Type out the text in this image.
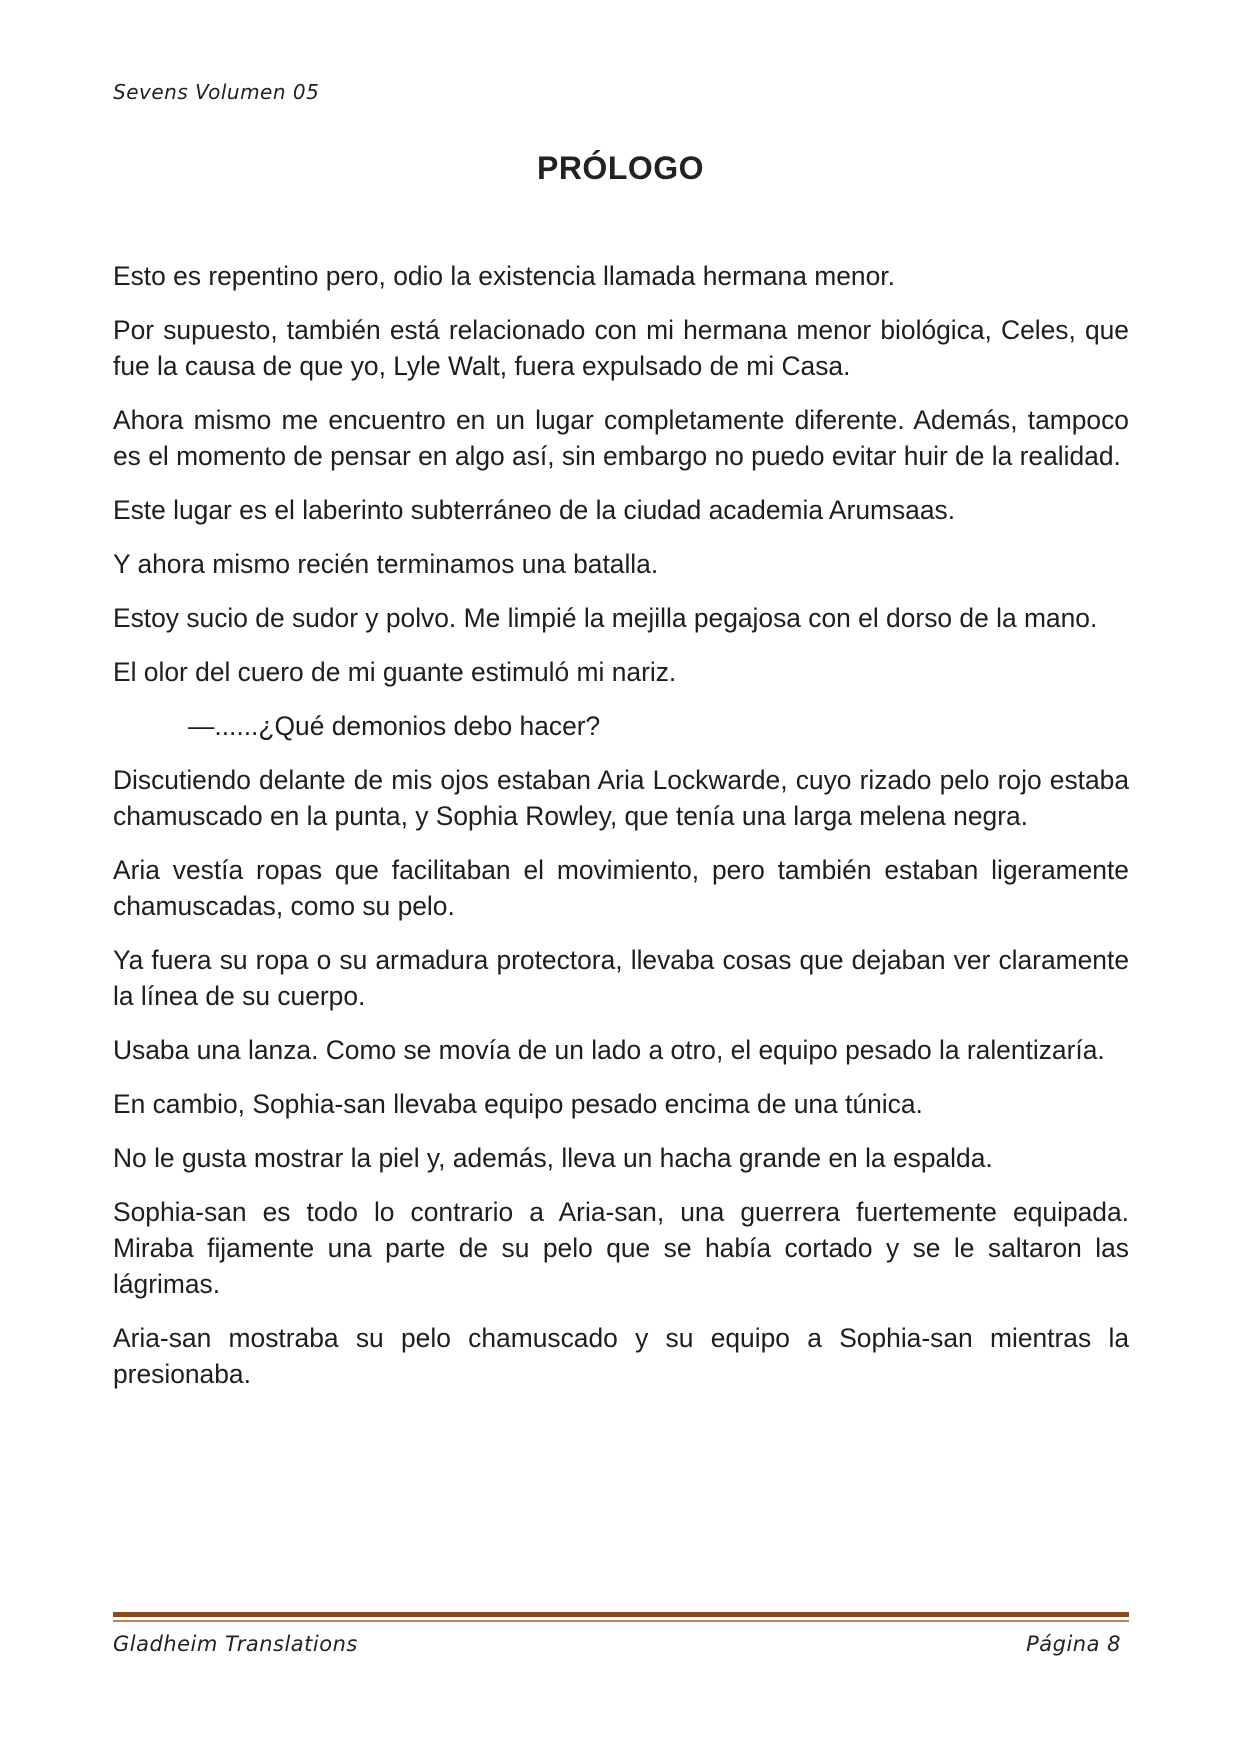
Sevens Volumen 05
PRÓLOGO

Esto es repentino pero, odio la existencia llamada hermana menor.

Por supuesto, también está relacionado con mi hermana menor biológica, Celes, que fue la causa de que yo, Lyle Walt, fuera expulsado de mi Casa.

Ahora mismo me encuentro en un lugar completamente diferente. Además, tampoco es el momento de pensar en algo así, sin embargo no puedo evitar huir de la realidad.

Este lugar es el laberinto subterráneo de la ciudad academia Arumsaas.

Y ahora mismo recién terminamos una batalla.

Estoy sucio de sudor y polvo. Me limpié la mejilla pegajosa con el dorso de la mano.

El olor del cuero de mi guante estimuló mi nariz.

—......¿Qué demonios debo hacer?

Discutiendo delante de mis ojos estaban Aria Lockwarde, cuyo rizado pelo rojo estaba chamuscado en la punta, y Sophia Rowley, que tenía una larga melena negra.

Aria vestía ropas que facilitaban el movimiento, pero también estaban ligeramente chamuscadas, como su pelo.

Ya fuera su ropa o su armadura protectora, llevaba cosas que dejaban ver claramente la línea de su cuerpo.

Usaba una lanza. Como se movía de un lado a otro, el equipo pesado la ralentizaría.

En cambio, Sophia-san llevaba equipo pesado encima de una túnica.

No le gusta mostrar la piel y, además, lleva un hacha grande en la espalda.

Sophia-san es todo lo contrario a Aria-san, una guerrera fuertemente equipada. Miraba fijamente una parte de su pelo que se había cortado y se le saltaron las lágrimas.

Aria-san mostraba su pelo chamuscado y su equipo a Sophia-san mientras la presionaba.

Gladheim Translations	Página 8
